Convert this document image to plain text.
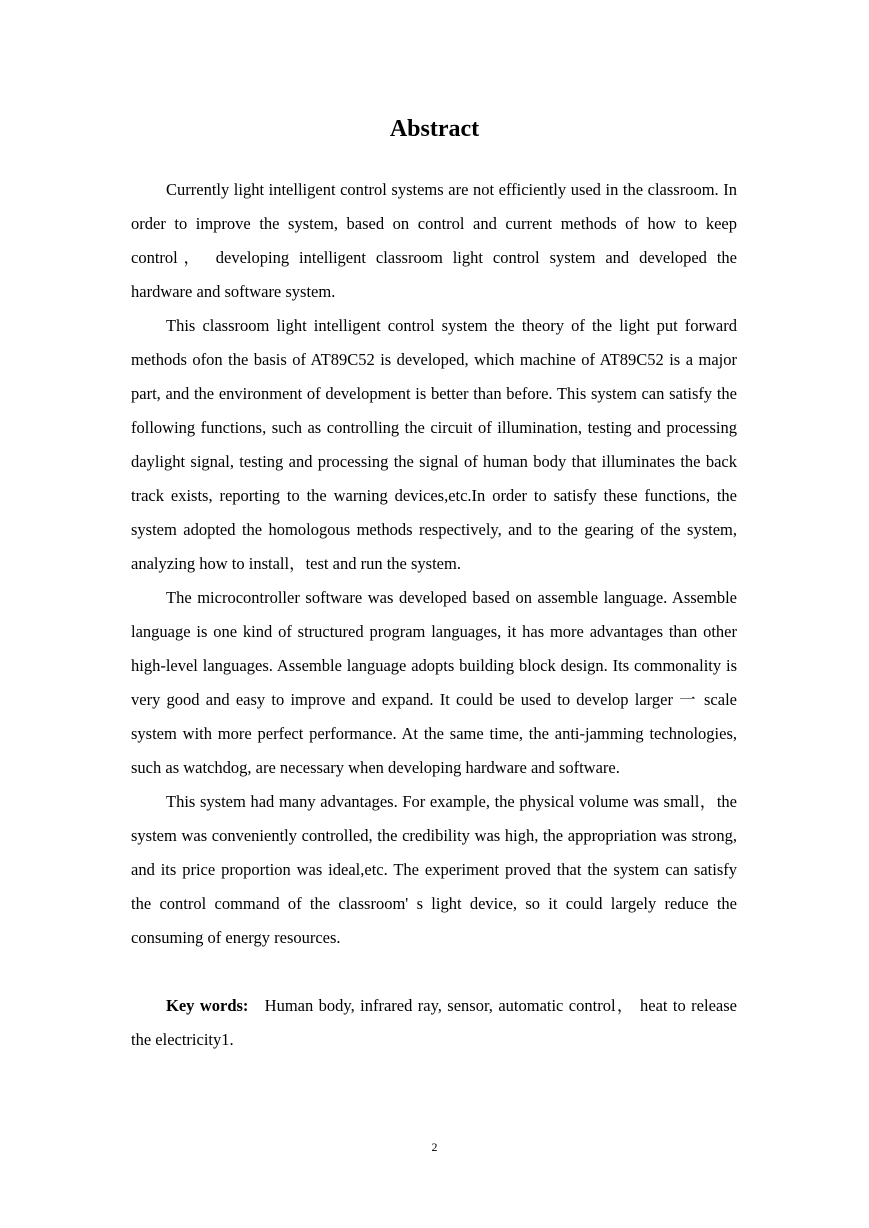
Abstract

Currently light intelligent control systems are not efficiently used in the classroom. In order to improve the system, based on control and current methods of how to keep control， developing intelligent classroom light control system and developed the hardware and software system.

This classroom light intelligent control system the theory of the light put forward methods ofon the basis of AT89C52 is developed, which machine of AT89C52 is a major part, and the environment of development is better than before. This system can satisfy the following functions, such as controlling the circuit of illumination, testing and processing daylight signal, testing and processing the signal of human body that illuminates the back track exists, reporting to the warning devices,etc.In order to satisfy these functions, the system adopted the homologous methods respectively, and to the gearing of the system, analyzing how to install，test and run the system.

The microcontroller software was developed based on assemble language. Assemble language is one kind of structured program languages, it has more advantages than other high-level languages. Assemble language adopts building block design. Its commonality is very good and easy to improve and expand. It could be used to develop larger 一 scale system with more perfect performance. At the same time, the anti-jamming technologies, such as watchdog, are necessary when developing hardware and software.

This system had many advantages. For example, the physical volume was small，the system was conveniently controlled, the credibility was high, the appropriation was strong, and its price proportion was ideal,etc. The experiment proved that the system can satisfy the control command of the classroom' s light device, so it could largely reduce the consuming of energy resources.

Key words: Human body, infrared ray, sensor, automatic control， heat to release the electricity1.

2
